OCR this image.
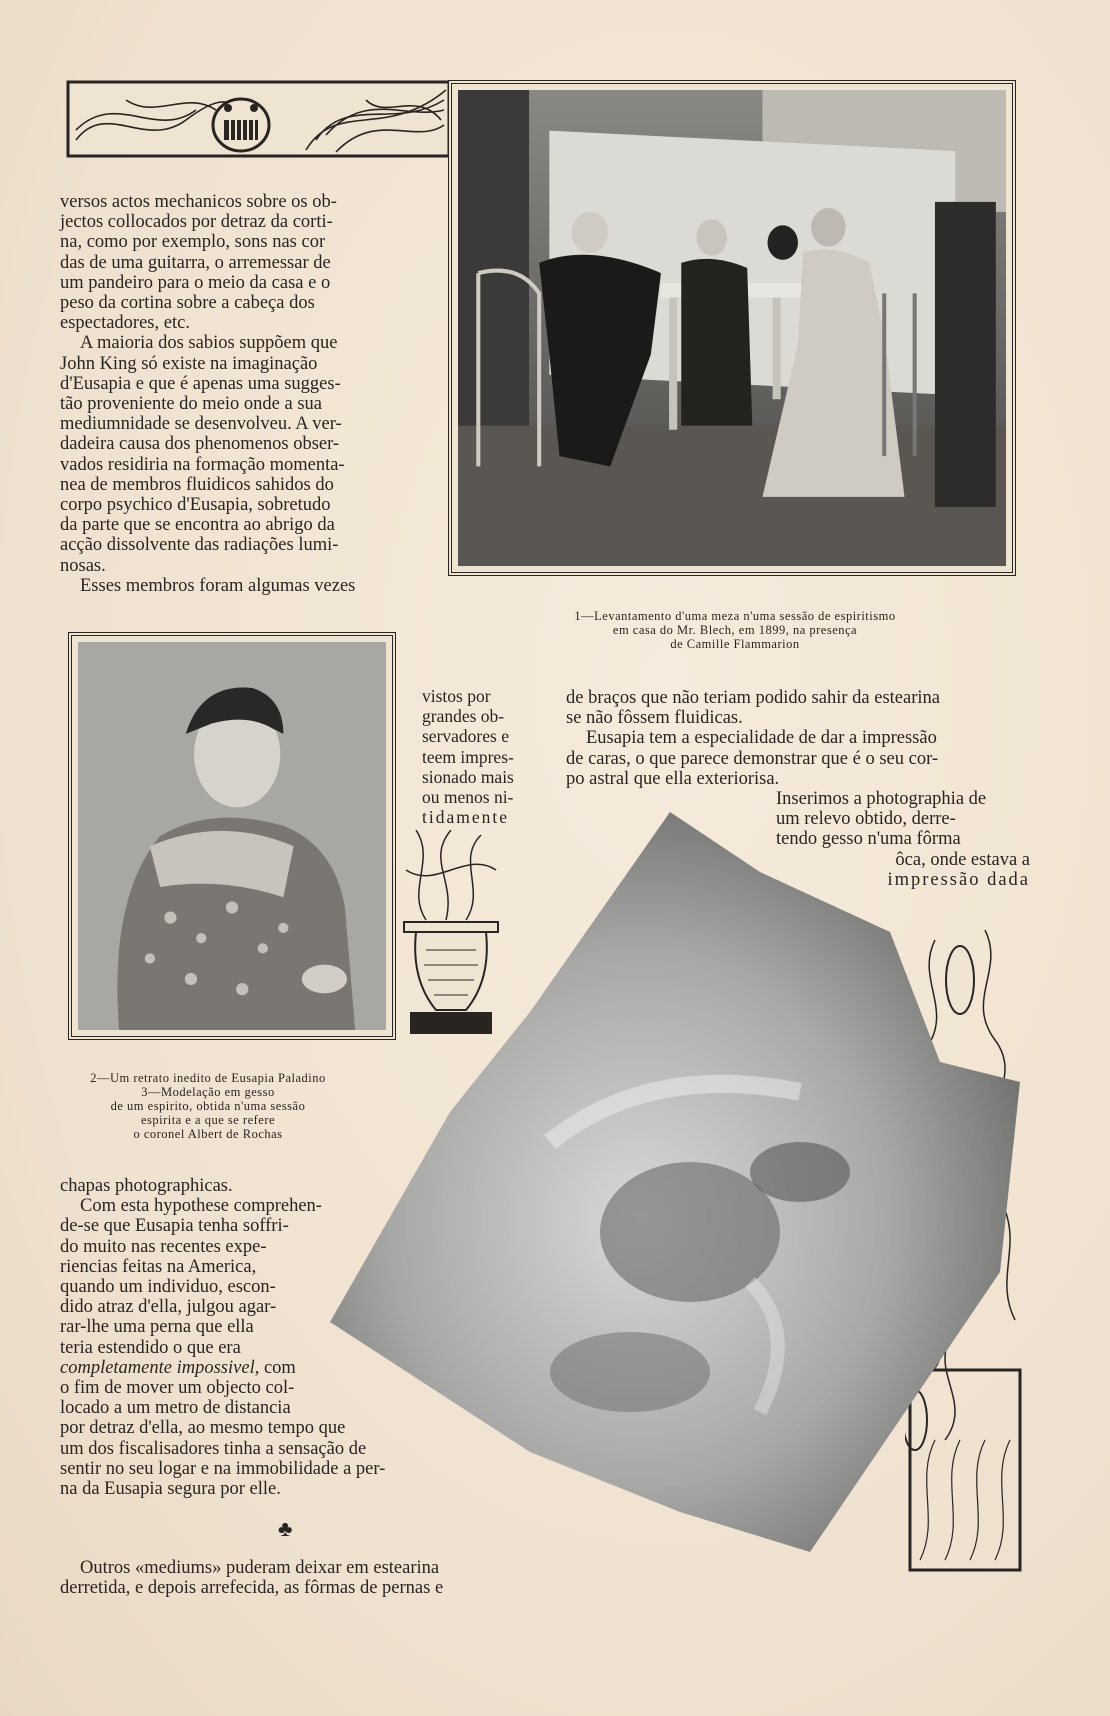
versos actos mechanicos sobre os ob-

jectos collocados por detraz da corti-

na, como por exemplo, sons nas cor

das de uma guitarra, o arremessar de

um pandeiro para o meio da casa e o

peso da cortina sobre a cabeça dos

espectadores, etc.

A maioria dos sabios suppõem que

John King só existe na imaginação

d'Eusapia e que é apenas uma sugges-

tão proveniente do meio onde a sua

mediumnidade se desenvolveu. A ver-

dadeira causa dos phenomenos obser-

vados residiria na formação momenta-

nea de membros fluidicos sahidos do

corpo psychico d'Eusapia, sobretudo

da parte que se encontra ao abrigo da

acção dissolvente das radiações lumi-

nosas.

Esses membros foram algumas vezes

1—Levantamento d'uma meza n'uma sessão de espiritismo
em casa do Mr. Blech, em 1899, na presença
de Camille Flammarion

vistos por

grandes ob-

servadores e

teem impres-

sionado mais

ou menos ni-

tidamente

de braços que não teriam podido sahir da estearina

se não fôssem fluidicas.

Eusapia tem a especialidade de dar a impressão

de caras, o que parece demonstrar que é o seu cor-

po astral que ella exteriorisa.

Inserimos a photographia de

um relevo obtido, derre-

tendo gesso n'uma fôrma

ôca, onde estava a

impressão dada

2—Um retrato inedito de Eusapia Paladino
3—Modelação em gesso
de um espirito, obtida n'uma sessão
espirita e a que se refere
o coronel Albert de Rochas

chapas photographicas.

Com esta hypothese comprehen-

de-se que Eusapia tenha soffri-

do muito nas recentes expe-

riencias feitas na America,

quando um individuo, escon-

dido atraz d'ella, julgou agar-

rar-lhe uma perna que ella

teria estendido o que era

completamente impossivel, com

o fim de mover um objecto col-

locado a um metro de distancia

por detraz d'ella, ao mesmo tempo que

um dos fiscalisadores tinha a sensação de

sentir no seu logar e na immobilidade a per-

na da Eusapia segura por elle.

♣

Outros «mediums» puderam deixar em estearina

derretida, e depois arrefecida, as fôrmas de pernas e
